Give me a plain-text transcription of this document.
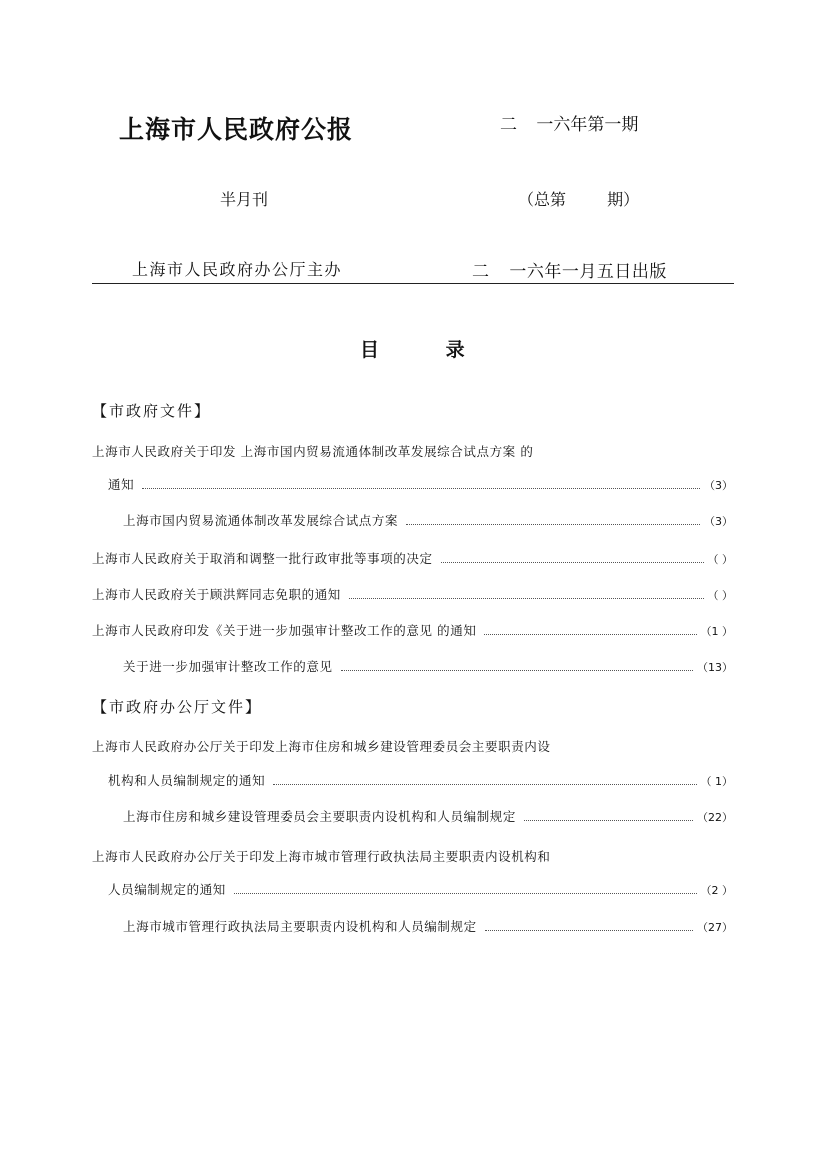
上海市人民政府公报	二 一六年第一期
半月刊	（总第 期）
上海市人民政府办公厅主办	二 一六年一月五日出版
目 录
【市政府文件】
上海市人民政府关于印发 上海市国内贸易流通体制改革发展综合试点方案 的
通知	（3）
上海市国内贸易流通体制改革发展综合试点方案	（3）
上海市人民政府关于取消和调整一批行政审批等事项的决定	（ ）
上海市人民政府关于顾洪辉同志免职的通知	（ ）
上海市人民政府印发《关于进一步加强审计整改工作的意见 的通知	（1 ）
关于进一步加强审计整改工作的意见	（13）
【市政府办公厅文件】
上海市人民政府办公厅关于印发上海市住房和城乡建设管理委员会主要职责内设
机构和人员编制规定的通知	（ 1）
上海市住房和城乡建设管理委员会主要职责内设机构和人员编制规定	（22）
上海市人民政府办公厅关于印发上海市城市管理行政执法局主要职责内设机构和
人员编制规定的通知	（2 ）
上海市城市管理行政执法局主要职责内设机构和人员编制规定	（27）
